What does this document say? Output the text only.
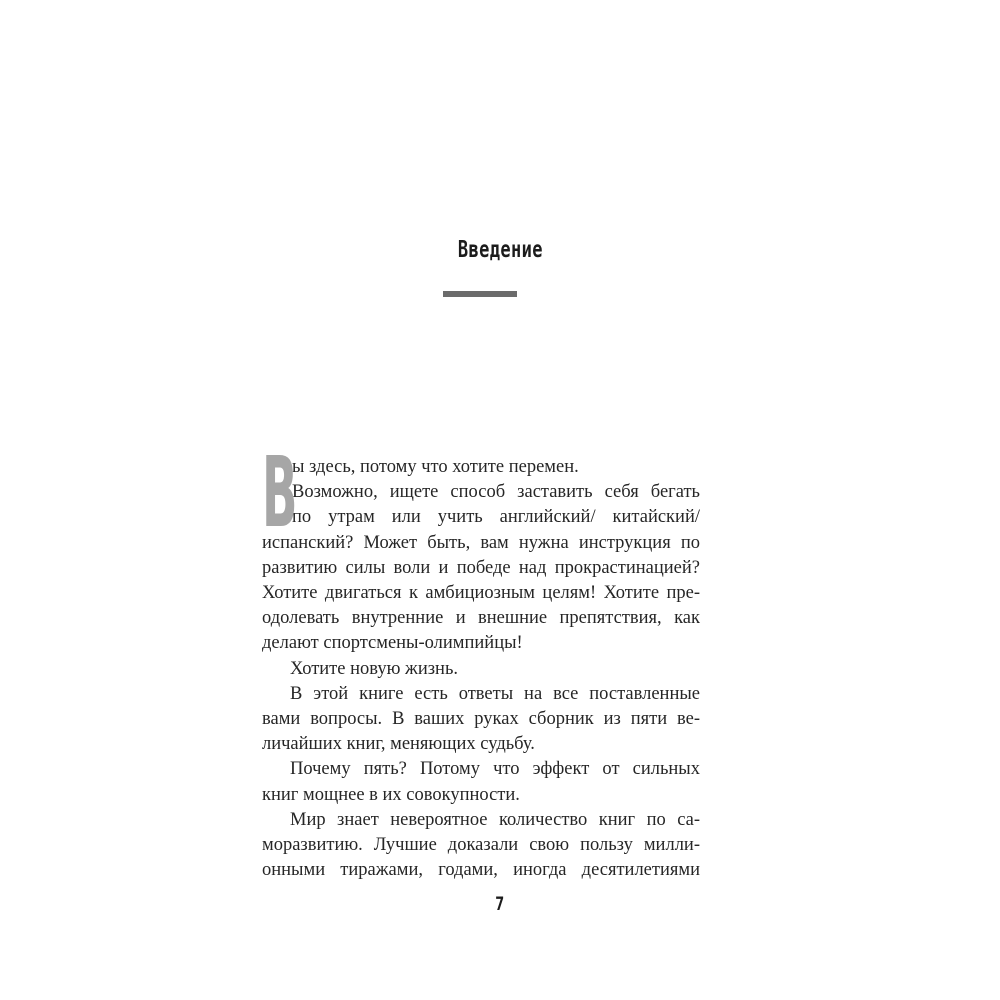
Введение
В
ы здесь, потому что хотите перемен.
Возможно, ищете способ заставить себя бегать
по утрам или учить английский/ китайский/
испанский? Может быть, вам нужна инструкция по
развитию силы воли и победе над прокрастинацией?
Хотите двигаться к амбициозным целям! Хотите пре-
одолевать внутренние и внешние препятствия, как
делают спортсмены-олимпийцы!
Хотите новую жизнь.
В этой книге есть ответы на все поставленные
вами вопросы. В ваших руках сборник из пяти ве-
личайших книг, меняющих судьбу.
Почему пять? Потому что эффект от сильных
книг мощнее в их совокупности.
Мир знает невероятное количество книг по са-
моразвитию. Лучшие доказали свою пользу милли-
онными тиражами, годами, иногда десятилетиями
7
